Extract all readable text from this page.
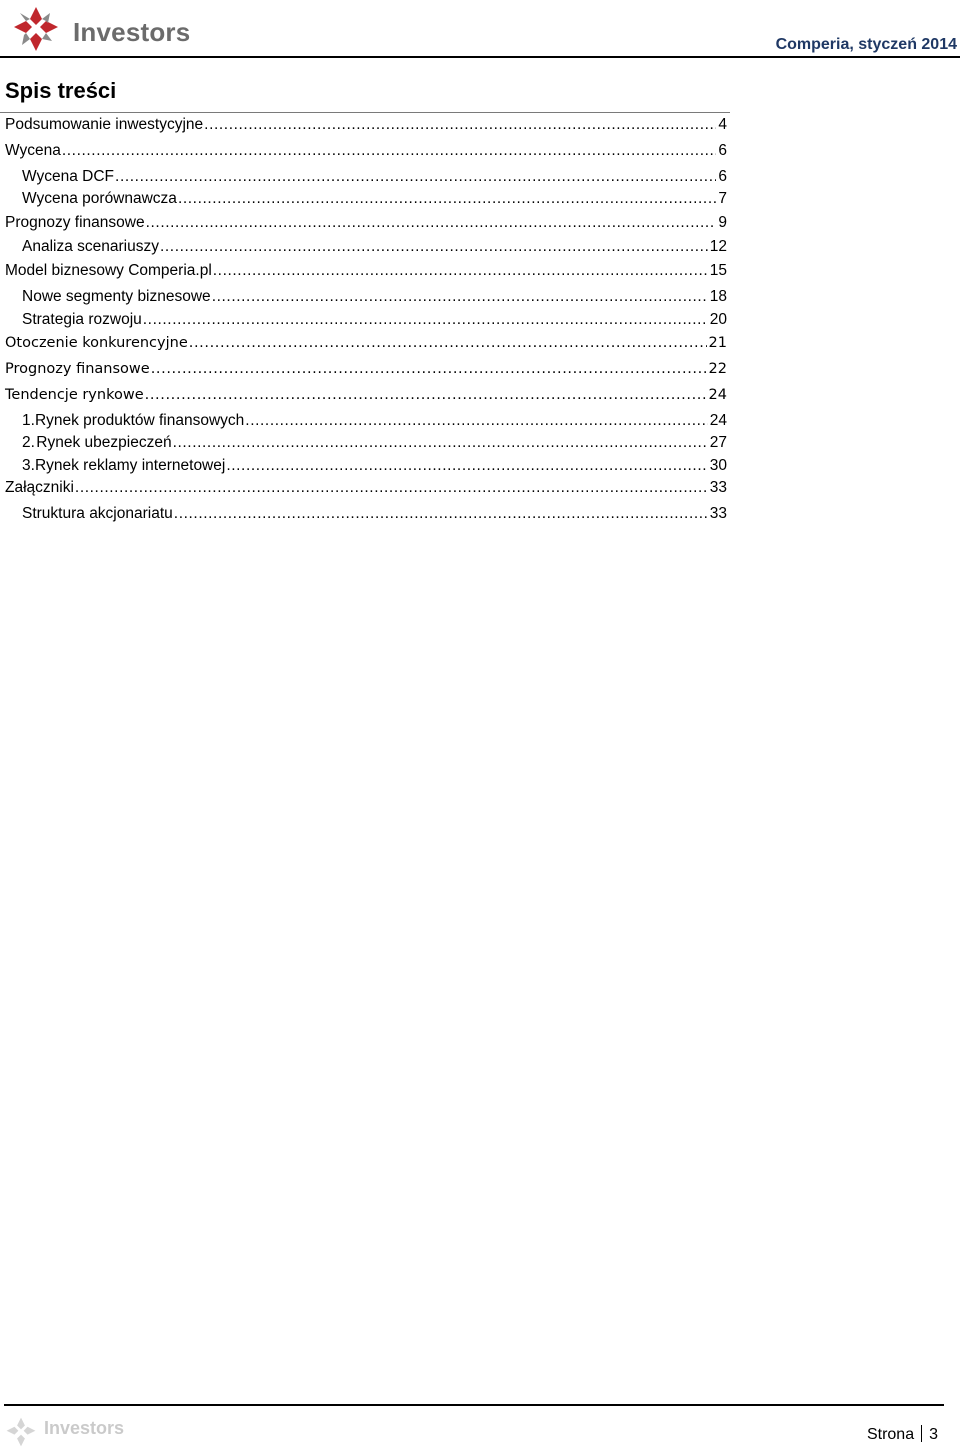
Investors	Comperia, styczeń 2014
Spis treści
Podsumowanie inwestycyjne .....	4
Wycena .....	6
Wycena DCF .....	6
Wycena porównawcza .....	7
Prognozy finansowe .....	9
Analiza scenariuszy .....	12
Model biznesowy Comperia.pl .....	15
Nowe segmenty biznesowe .....	18
Strategia rozwoju .....	20
Otoczenie konkurencyjne .....	21
Prognozy finansowe .....	22
Tendencje rynkowe .....	24
1. Rynek produktów finansowych .....	24
2. Rynek ubezpieczeń .....	27
3. Rynek reklamy internetowej .....	30
Załączniki .....	33
Struktura akcjonariatu .....	33
Investors	Strona 3
